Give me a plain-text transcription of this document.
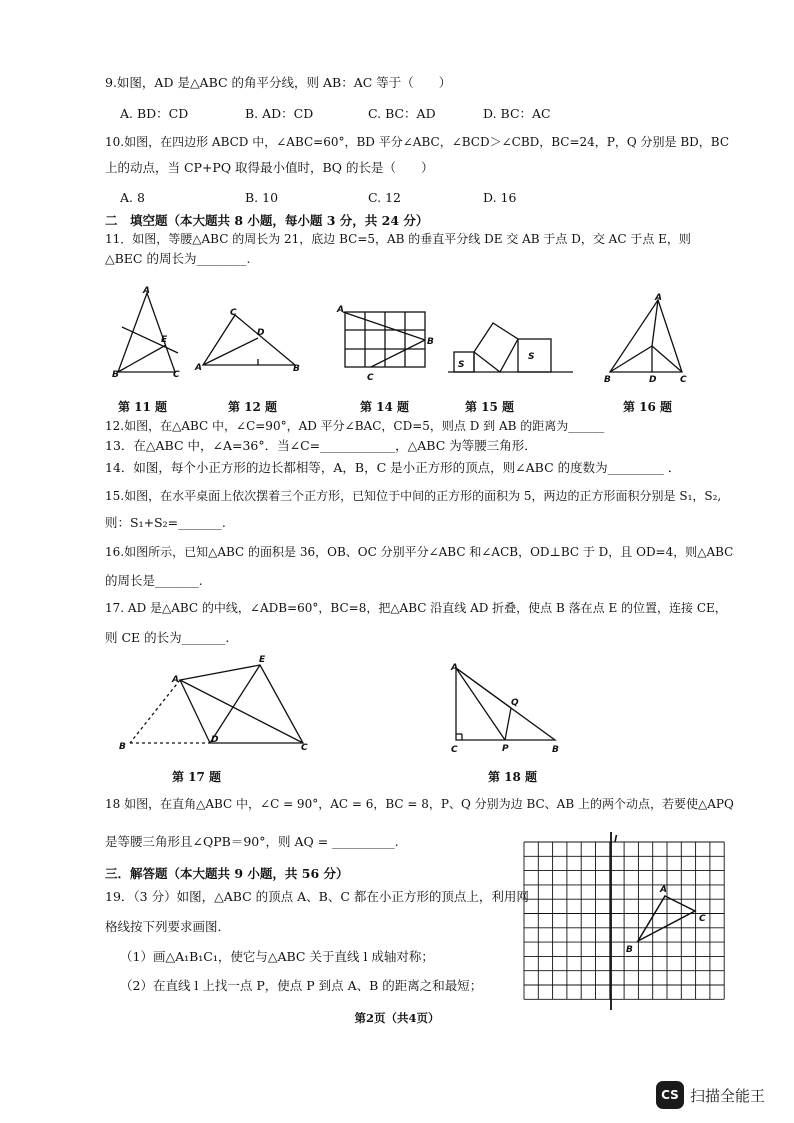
9.如图，AD 是△ABC 的角平分线，则 AB：AC 等于（　　）
A. BD：CD	B. AD：CD	C. BC：AD	D. BC：AC
10.如图，在四边形 ABCD 中，∠ABC=60°，BD 平分∠ABC，∠BCD＞∠CBD，BC=24，P，Q 分别是 BD，BC
上的动点，当 CP+PQ 取得最小值时，BQ 的长是（　　）
A. 8	B. 10	C. 12	D. 16
二　填空题（本大题共 8 小题，每小题 3 分，共 24 分）
11．如图，等腰△ABC 的周长为 21，底边 BC=5，AB 的垂直平分线 DE 交 AB 于点 D，交 AC 于点 E，则
△BEC 的周长为________.
A
E
B	C
第 11 题
C
D
A	B
第 12 题
A
B
C
第 14 题
S
S
第 15 题
A
B	D	C
第 16 题
12.如图，在△ABC 中，∠C=90°，AD 平分∠BAC，CD=5，则点 D 到 AB 的距离为______
13．在△ABC 中，∠A=36°．当∠C=____________，△ABC 为等腰三角形．
14．如图，每个小正方形的边长都相等，A，B，C 是小正方形的顶点，则∠ABC 的度数为_________ ．
15.如图，在水平桌面上依次摆着三个正方形，已知位于中间的正方形的面积为 5，两边的正方形面积分别是 S₁，S₂,
则：S₁+S₂=_______.
16.如图所示，已知△ABC 的面积是 36，OB、OC 分别平分∠ABC 和∠ACB，OD⊥BC 于 D，且 OD=4，则△ABC
的周长是_______.
17. AD 是△ABC 的中线，∠ADB=60°，BC=8，把△ABC 沿直线 AD 折叠，使点 B 落在点 E 的位置，连接 CE，
则 CE 的长为_______.
E
A
B
D
C
第 17 题
A
Q
C	P	B
第 18 题
18 如图，在直角△ABC 中，∠C = 90°，AC = 6，BC = 8，P、Q 分别为边 BC、AB 上的两个动点，若要使△APQ
是等腰三角形且∠QPB＝90°，则 AQ = __________.
三．解答题（本大题共 9 小题，共 56 分）
19．（3 分）如图，△ABC 的顶点 A、B、C 都在小正方形的顶点上，利用网
格线按下列要求画图．
（1）画△A₁B₁C₁，使它与△ABC 关于直线 l 成轴对称；
（2）在直线 l 上找一点 P，使点 P 到点 A、B 的距离之和最短；
l
A
C
B
第2页（共4页）
CS 扫描全能王
